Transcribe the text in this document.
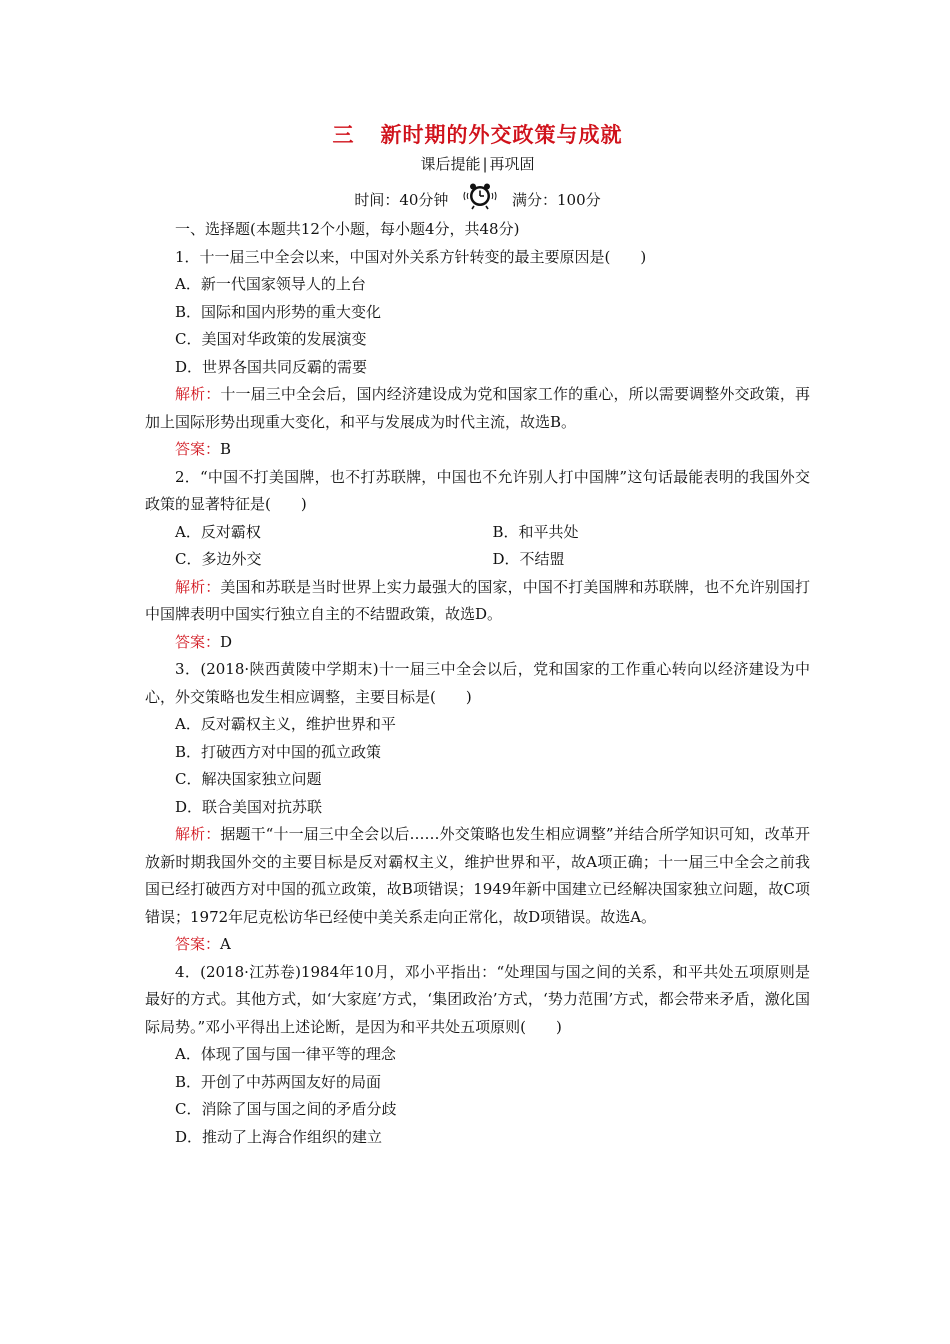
三 新时期的外交政策与成就
课后提能 | 再巩固
时间：40分钟	满分：100分
一、选择题(本题共12个小题，每小题4分，共48分)

1．十一届三中全会以来，中国对外关系方针转变的最主要原因是(　　)

A．新一代国家领导人的上台
B．国际和国内形势的重大变化
C．美国对华政策的发展演变
D．世界各国共同反霸的需要

解析：十一届三中全会后，国内经济建设成为党和国家工作的重心，所以需要调整外交政策，再加上国际形势出现重大变化，和平与发展成为时代主流，故选B。

答案：B

2．“中国不打美国牌，也不打苏联牌，中国也不允许别人打中国牌”这句话最能表明的我国外交政策的显著特征是(　　)

A．反对霸权	B．和平共处
C．多边外交	D．不结盟

解析：美国和苏联是当时世界上实力最强大的国家，中国不打美国牌和苏联牌，也不允许别国打中国牌表明中国实行独立自主的不结盟政策，故选D。

答案：D

3．(2018·陕西黄陵中学期末)十一届三中全会以后，党和国家的工作重心转向以经济建设为中心，外交策略也发生相应调整，主要目标是(　　)

A．反对霸权主义，维护世界和平
B．打破西方对中国的孤立政策
C．解决国家独立问题
D．联合美国对抗苏联

解析：据题干“十一届三中全会以后……外交策略也发生相应调整”并结合所学知识可知，改革开放新时期我国外交的主要目标是反对霸权主义，维护世界和平，故A项正确；十一届三中全会之前我国已经打破西方对中国的孤立政策，故B项错误；1949年新中国建立已经解决国家独立问题，故C项错误；1972年尼克松访华已经使中美关系走向正常化，故D项错误。故选A。

答案：A

4．(2018·江苏卷)1984年10月，邓小平指出：“处理国与国之间的关系，和平共处五项原则是最好的方式。其他方式，如‘大家庭’方式，‘集团政治’方式，‘势力范围’方式，都会带来矛盾，激化国际局势。”邓小平得出上述论断，是因为和平共处五项原则(　　)

A．体现了国与国一律平等的理念
B．开创了中苏两国友好的局面
C．消除了国与国之间的矛盾分歧
D．推动了上海合作组织的建立
